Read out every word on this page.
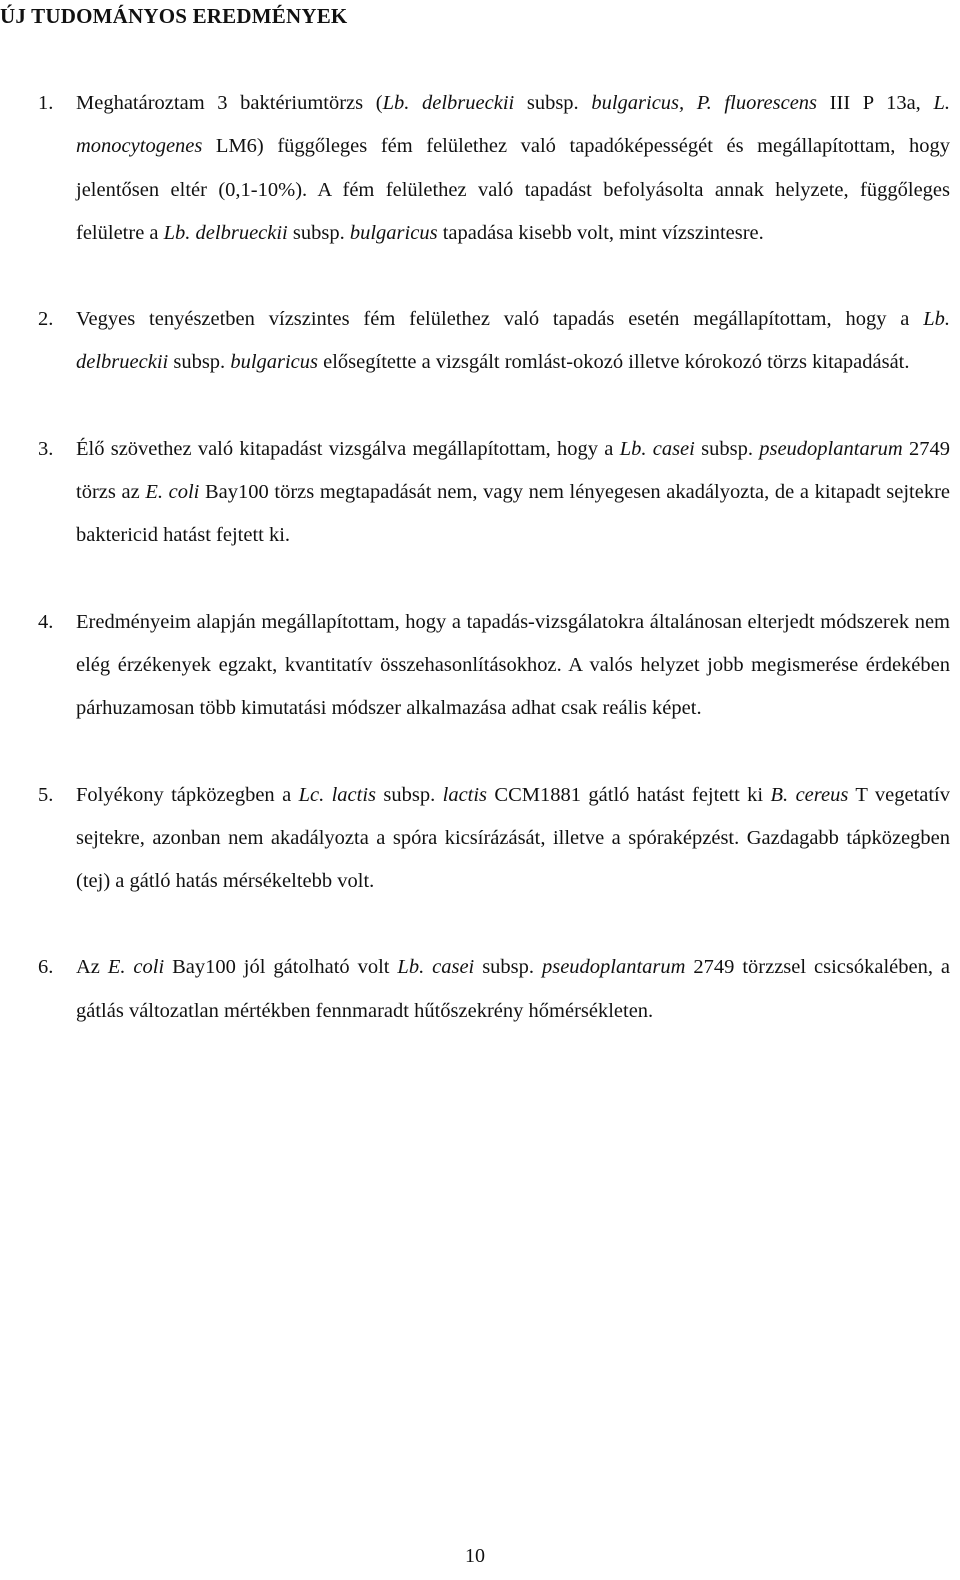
ÚJ TUDOMÁNYOS EREDMÉNYEK
1. Meghatároztam 3 baktériumtörzs (Lb. delbrueckii subsp. bulgaricus, P. fluorescens III P 13a, L. monocytogenes LM6) függőleges fém felülethez való tapadóképességét és megállapítottam, hogy jelentősen eltér (0,1-10%). A fém felülethez való tapadást befolyásolta annak helyzete, függőleges felületre a Lb. delbrueckii subsp. bulgaricus tapadása kisebb volt, mint vízszintesre.
2. Vegyes tenyészetben vízszintes fém felülethez való tapadás esetén megállapítottam, hogy a Lb. delbrueckii subsp. bulgaricus elősegítette a vizsgált romlást-okozó illetve kórokozó törzs kitapadását.
3. Élő szövethez való kitapadást vizsgálva megállapítottam, hogy a Lb. casei subsp. pseudoplantarum 2749 törzs az E. coli Bay100 törzs megtapadását nem, vagy nem lényegesen akadályozta, de a kitapadt sejtekre baktericid hatást fejtett ki.
4. Eredményeim alapján megállapítottam, hogy a tapadás-vizsgálatokra általánosan elterjedt módszerek nem elég érzékenyek egzakt, kvantitatív összehasonlításokhoz. A valós helyzet jobb megismerése érdekében párhuzamosan több kimutatási módszer alkalmazása adhat csak reális képet.
5. Folyékony tápközegben a Lc. lactis subsp. lactis CCM1881 gátló hatást fejtett ki B. cereus T vegetatív sejtekre, azonban nem akadályozta a spóra kicsírázását, illetve a spóraképzést. Gazdagabb tápközegben (tej) a gátló hatás mérsékeltebb volt.
6. Az E. coli Bay100 jól gátolható volt Lb. casei subsp. pseudoplantarum 2749 törzzsel csicsókalében, a gátlás változatlan mértékben fennmaradt hűtőszekrény hőmérsékleten.
10
